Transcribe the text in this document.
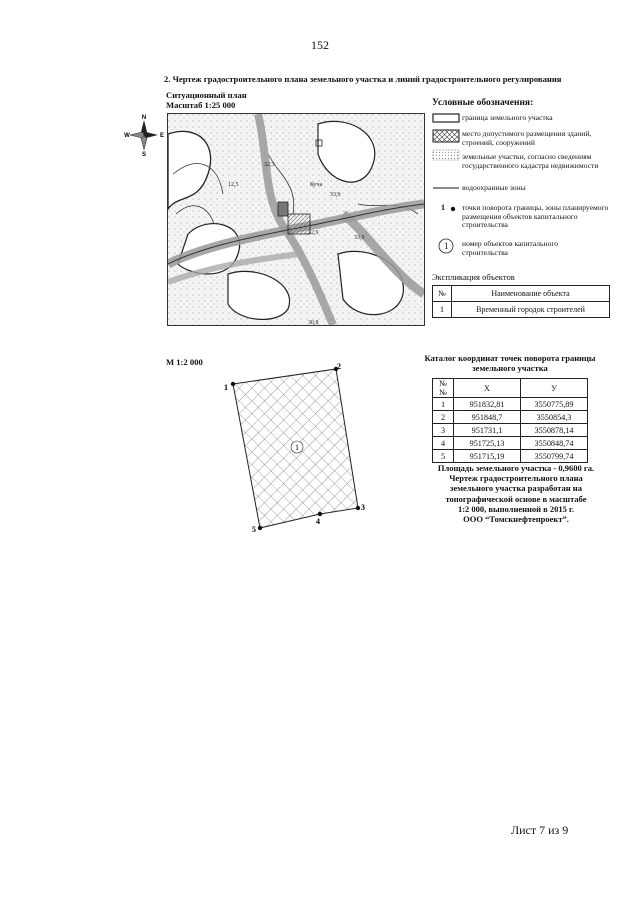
152
2. Чертеж градостроительного плана земельного участка и линий градостроительного регулирования
Ситуационный план
Масштаб 1:25 000
N
S
W	E
32,3
12,5	Куча
32,9
33,0
33,9
30,8
Условные обозначения:
граница земельного участка
место допустимого размещения зданий, строений, сооружений
земельные участки, согласно сведениям государственного кадастра недвижимости
водоохранные зоны
1 точки поворота границы, зоны планируемого размещения объектов капитального строительства
1 номер объектов капитального строительства
Экспликация объектов
№	Наименование объекта
1	Временный городок строителей
М 1:2 000
1
1
2
3
4
5
Каталог координат точек поворота границы земельного участка
№№	X	У
1	951832,81	3550775,89
2	951848,7	3550854,3
3	951731,1	3550878,14
4	951725,13	3550848,74
5	951715,19	3550799,74
Площадь земельного участка - 0,9600 га.
Чертеж градостроительного плана
земельного участка разработан на
топографической основе в масштабе
1:2 000, выполненной в 2015 г.
ООО “Томскнефтепроект”.
Лист 7 из 9
